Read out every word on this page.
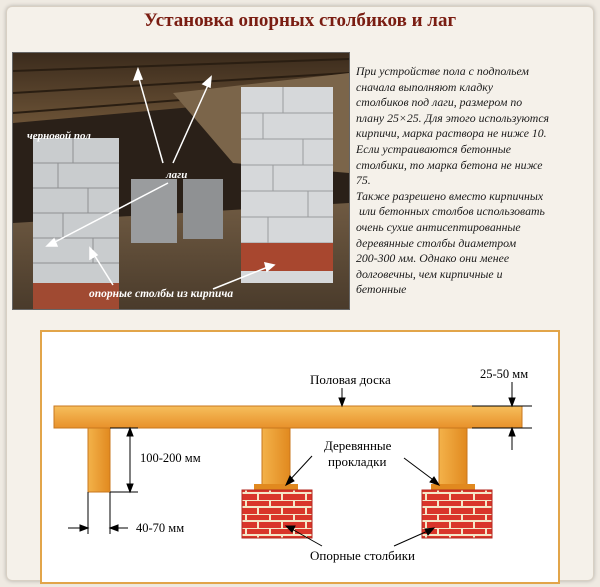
Установка опорных столбиков и лаг
черновой пол
лаги
опорные столбы из кирпича
При устройстве пола с подпольем
сначала выполняют кладку
столбиков под лаги, размером по
плану 25×25. Для этого используются
кирпичи, марка раствора не ниже 10.
Если устраиваются бетонные
столбики, то марка бетона не ниже
75.
Также разрешено вместо кирпичных
или бетонных столбов использовать
очень сухие антисептированные
деревянные столбы диаметром
200-300 мм. Однако они менее
долговечны, чем кирпичные и
бетонные
Половая доска	25-50 мм
100-200 мм
40-70 мм
Деревянные
прокладки
Опорные столбики
